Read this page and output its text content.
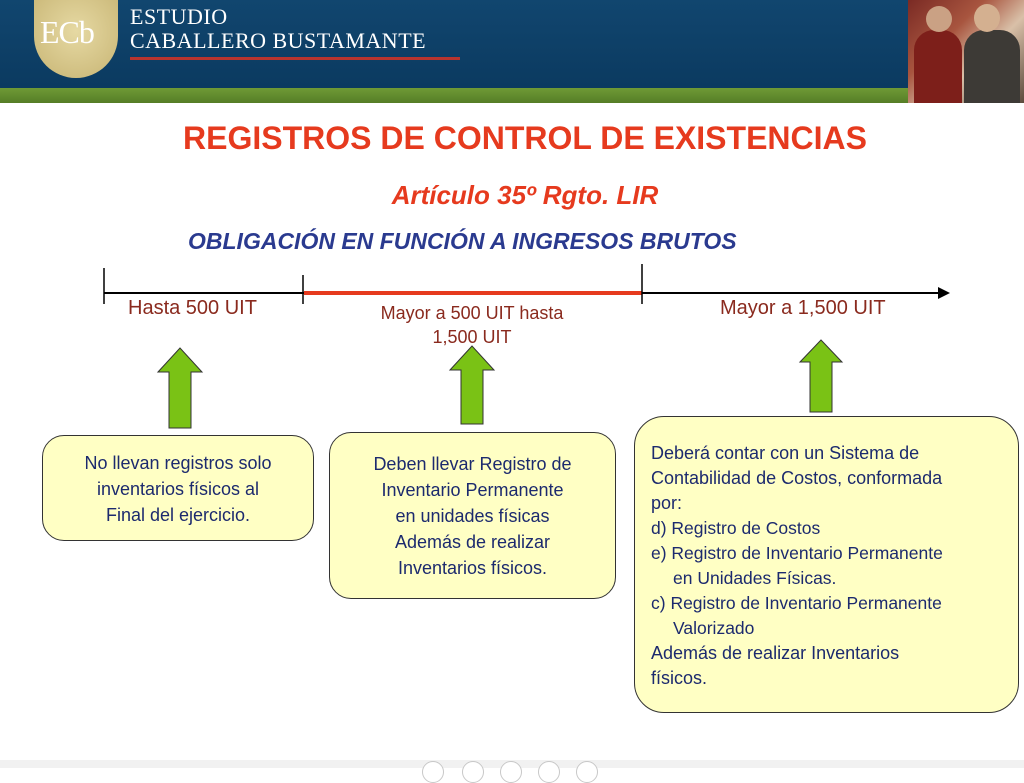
ECb ESTUDIO
CABALLERO BUSTAMANTE
REGISTROS DE CONTROL DE EXISTENCIAS
Artículo 35º Rgto. LIR
OBLIGACIÓN EN FUNCIÓN A INGRESOS BRUTOS
Hasta 500 UIT	Mayor a 500 UIT hasta
1,500 UIT
Mayor a 1,500 UIT
No llevan registros solo
inventarios físicos al
Final del ejercicio.
Deben llevar Registro de
Inventario Permanente
en unidades físicas
Además de realizar
Inventarios físicos.
Deberá contar con un Sistema de
Contabilidad de Costos, conformada
por:
d) Registro de Costos
e) Registro de Inventario Permanente
en Unidades Físicas.
c) Registro de Inventario Permanente
Valorizado
Además de realizar Inventarios
físicos.
